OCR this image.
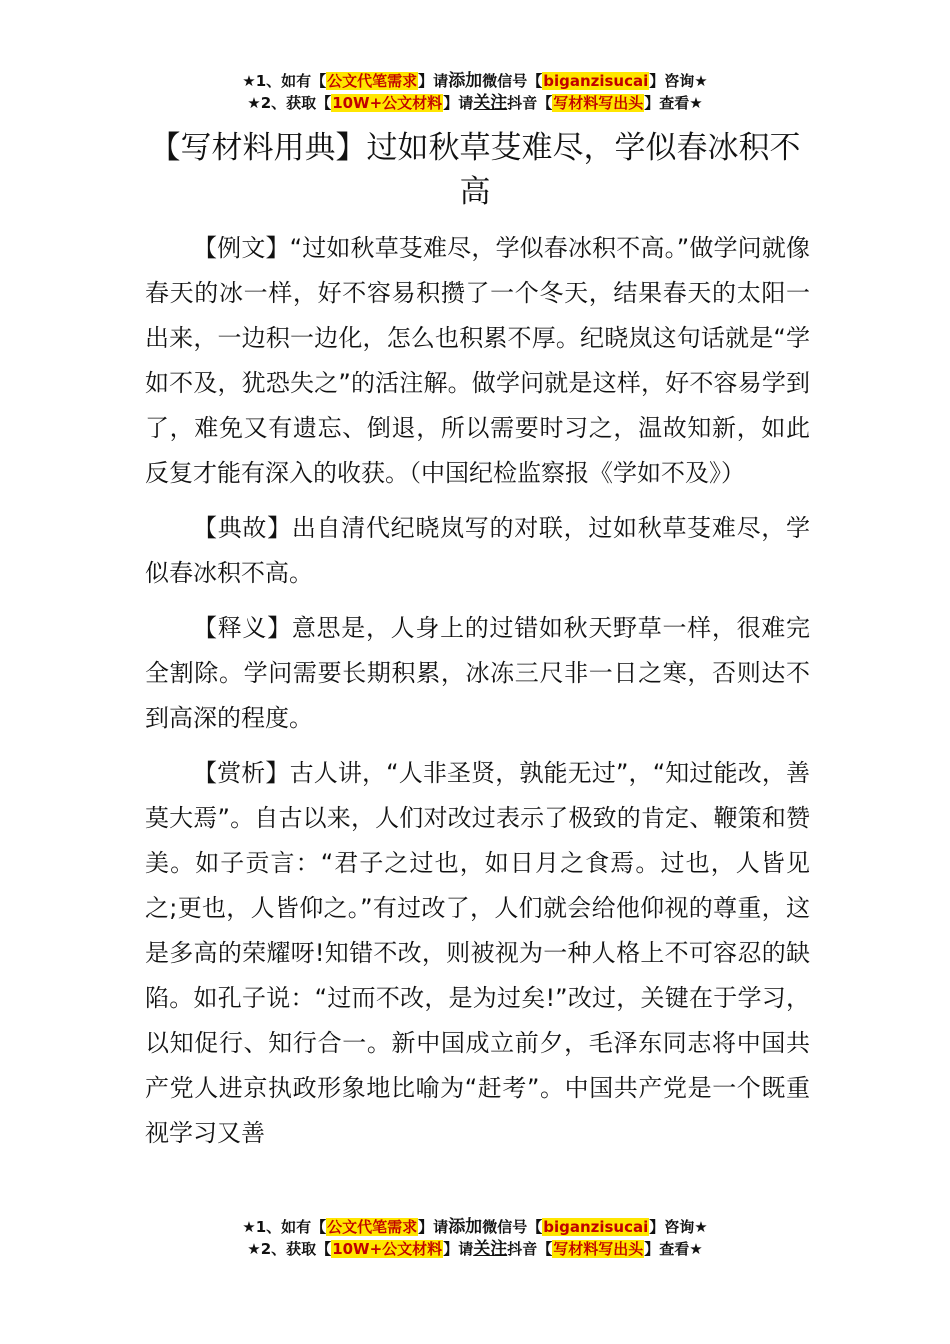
★1、如有【公文代笔需求】请添加微信号【biganzisucai】咨询★
★2、获取【10W+公文材料】请关注抖音【写材料写出头】查看★
【写材料用典】过如秋草芟难尽，学似春冰积不高

【例文】“过如秋草芟难尽，学似春冰积不高。”做学问就像春天的冰一样，好不容易积攒了一个冬天，结果春天的太阳一出来，一边积一边化，怎么也积累不厚。纪晓岚这句话就是“学如不及，犹恐失之”的活注解。做学问就是这样，好不容易学到了，难免又有遗忘、倒退，所以需要时习之，温故知新，如此反复才能有深入的收获。（中国纪检监察报《学如不及》）

【典故】出自清代纪晓岚写的对联，过如秋草芟难尽，学似春冰积不高。

【释义】意思是，人身上的过错如秋天野草一样，很难完全割除。学问需要长期积累，冰冻三尺非一日之寒，否则达不到高深的程度。

【赏析】古人讲，“人非圣贤，孰能无过”，“知过能改，善莫大焉”。自古以来，人们对改过表示了极致的肯定、鞭策和赞美。如子贡言：“君子之过也，如日月之食焉。过也，人皆见之;更也，人皆仰之。”有过改了，人们就会给他仰视的尊重，这是多高的荣耀呀!知错不改，则被视为一种人格上不可容忍的缺陷。如孔子说：“过而不改，是为过矣!”改过，关键在于学习，以知促行、知行合一。新中国成立前夕，毛泽东同志将中国共产党人进京执政形象地比喻为“赶考”。中国共产党是一个既重视学习又善

★1、如有【公文代笔需求】请添加微信号【biganzisucai】咨询★
★2、获取【10W+公文材料】请关注抖音【写材料写出头】查看★
